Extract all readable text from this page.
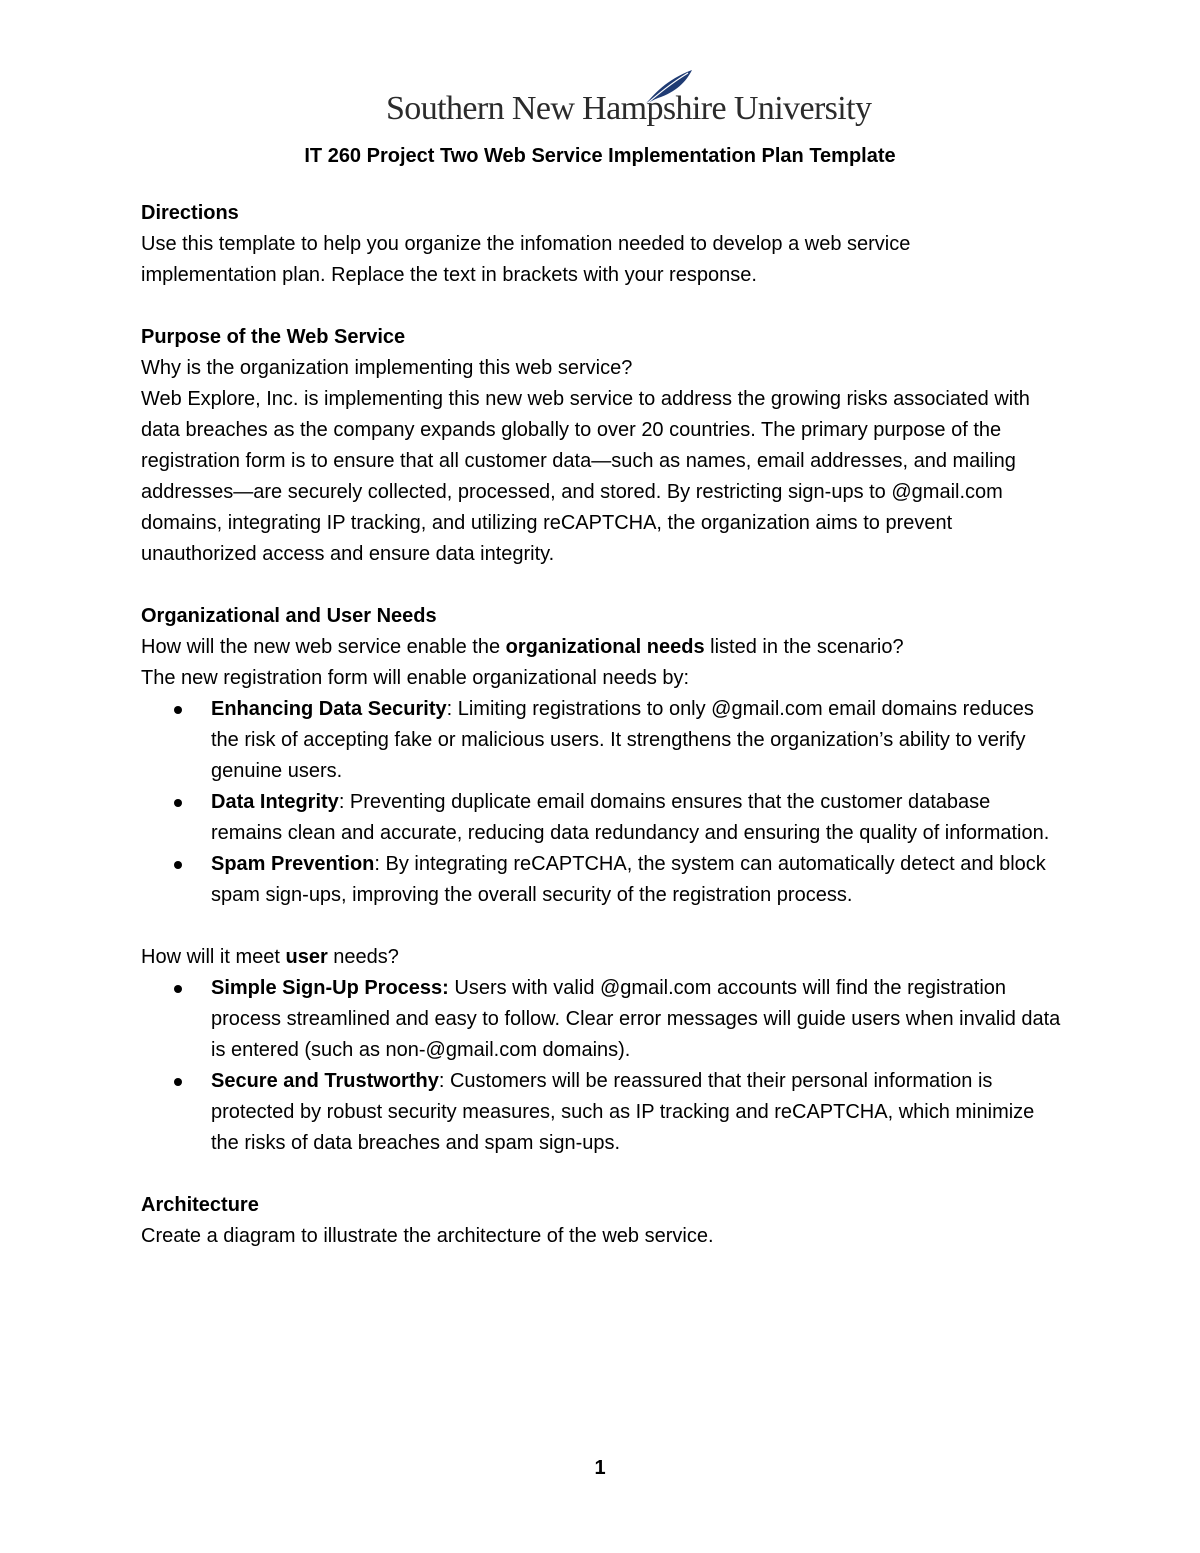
Southern New Hampshire University
IT 260 Project Two Web Service Implementation Plan Template

Directions

Use this template to help you organize the infomation needed to develop a web service

implementation plan. Replace the text in brackets with your response.

Purpose of the Web Service

Why is the organization implementing this web service?

Web Explore, Inc. is implementing this new web service to address the growing risks associated with data breaches as the company expands globally to over 20 countries. The primary purpose of the registration form is to ensure that all customer data—such as names, email addresses, and mailing addresses—are securely collected, processed, and stored. By restricting sign-ups to @gmail.com domains, integrating IP tracking, and utilizing reCAPTCHA, the organization aims to prevent unauthorized access and ensure data integrity.

Organizational and User Needs

How will the new web service enable the organizational needs listed in the scenario?

The new registration form will enable organizational needs by:

Enhancing Data Security: Limiting registrations to only @gmail.com email domains reduces the risk of accepting fake or malicious users. It strengthens the organization’s ability to verify genuine users.
Data Integrity: Preventing duplicate email domains ensures that the customer database remains clean and accurate, reducing data redundancy and ensuring the quality of information.
Spam Prevention: By integrating reCAPTCHA, the system can automatically detect and block spam sign-ups, improving the overall security of the registration process.

How will it meet user needs?

Simple Sign-Up Process: Users with valid @gmail.com accounts will find the registration process streamlined and easy to follow. Clear error messages will guide users when invalid data is entered (such as non-@gmail.com domains).
Secure and Trustworthy: Customers will be reassured that their personal information is protected by robust security measures, such as IP tracking and reCAPTCHA, which minimize the risks of data breaches and spam sign-ups.

Architecture

Create a diagram to illustrate the architecture of the web service.

1
